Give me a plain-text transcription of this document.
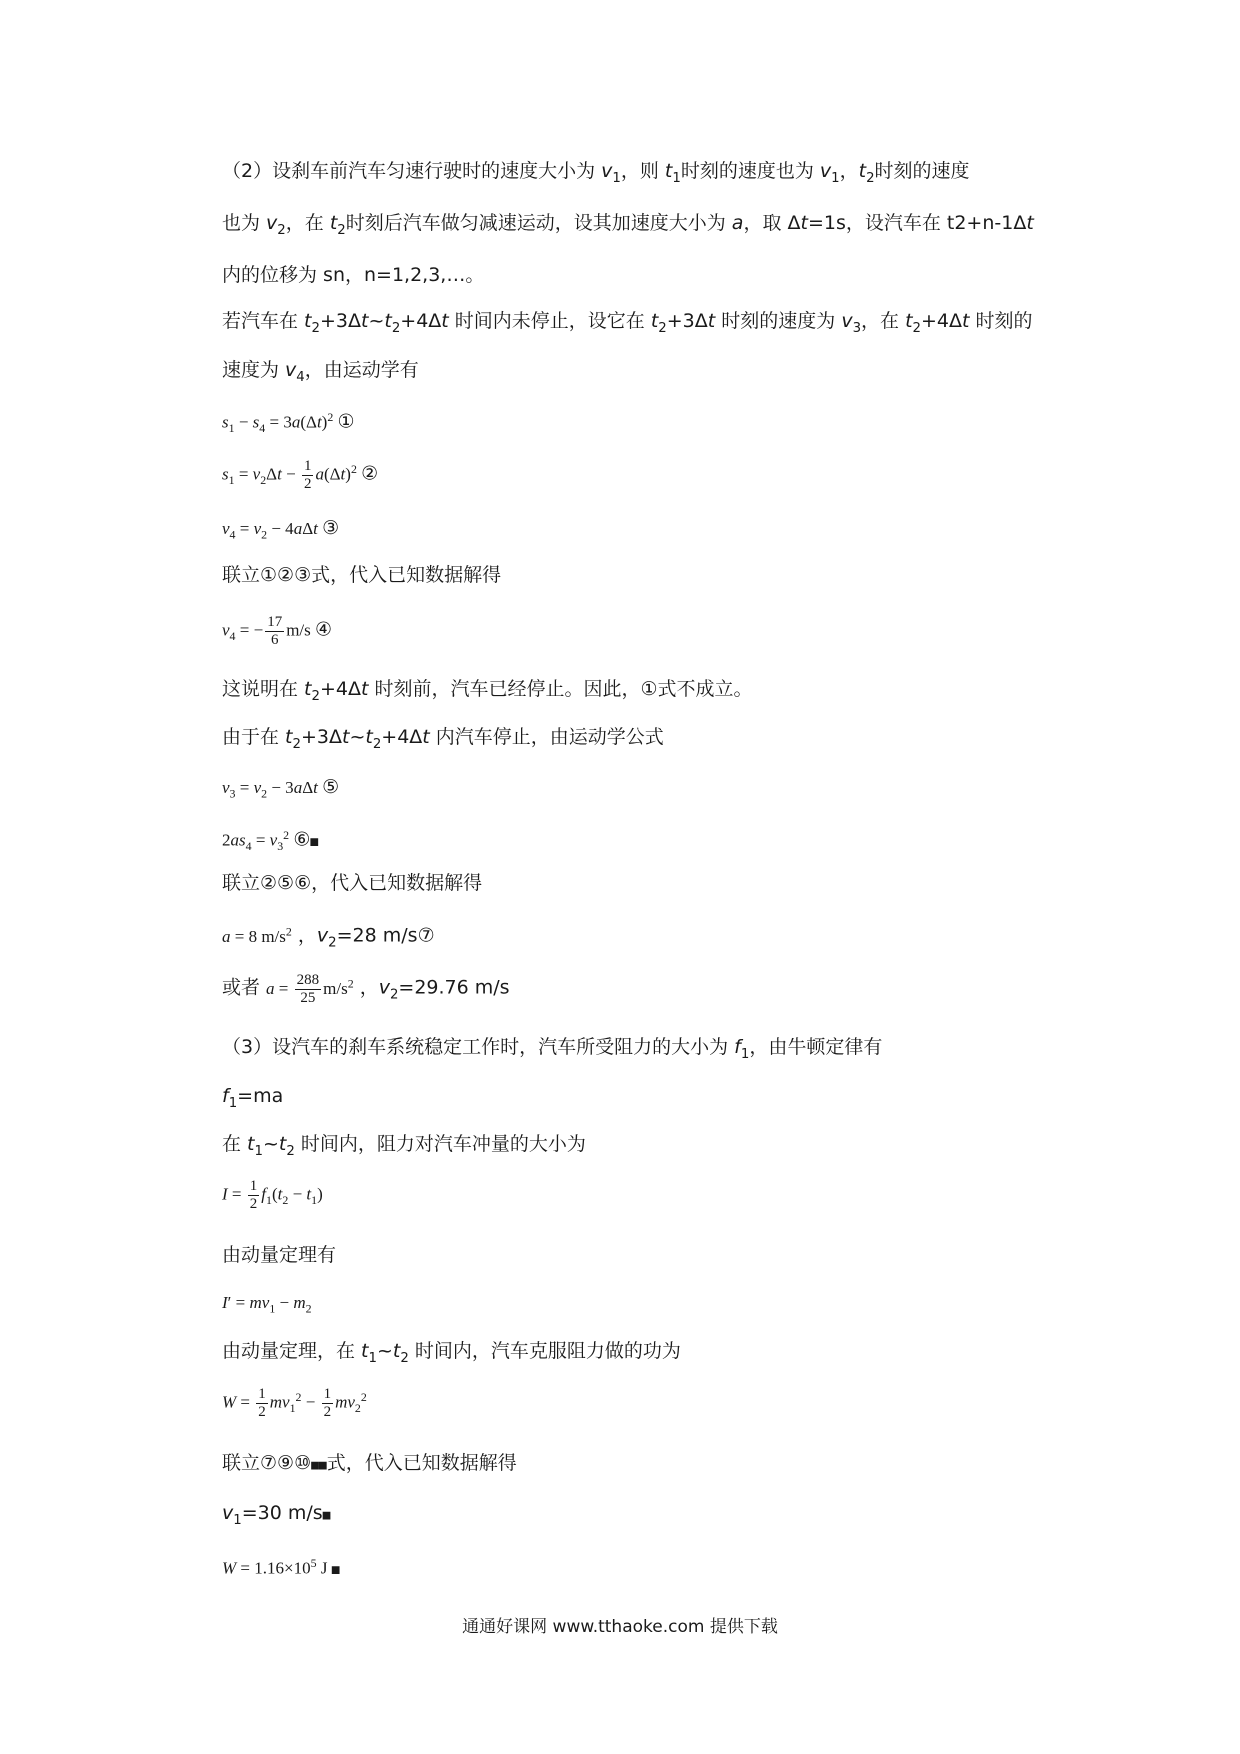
（2）设刹车前汽车匀速行驶时的速度大小为 $v_1$，则 $t_1$时刻的速度也为 $v_1$，$t_2$时刻的速度
也为 $v_2$，在 $t_2$时刻后汽车做匀减速运动，设其加速度大小为 a，取 Δt=1s，设汽车在 t2+n-1Δt
内的位移为 sn，n=1,2,3,…。
若汽车在 $t_2+3\Delta t\sim t_2+4\Delta t$ 时间内未停止，设它在 $t_2+3\Delta t$ 时刻的速度为 $v_3$，在 $t_2+4\Delta t$ 时刻的
速度为 $v_4$，由运动学有
$s_1 - s_4 = 3a(\Delta t)^2$ ①
$s_1 = v_2\Delta t - \frac{1}{2} a(\Delta t)^2$ ②
$v_4 = v_2 - 4a\Delta t$ ③
联立①②③式，代入已知数据解得
$v_4$ = − $\frac{17}{6} m/s$ ④
这说明在 $t_2+4\Delta t$ 时刻前，汽车已经停止。因此，①式不成立。
由于在 $t_2+3\Delta t\sim t_2+4\Delta t$ 内汽车停止，由运动学公式
$v_3 = v_2 - 3a\Delta t$ ⑤
$2as_4 = v_3^2$ ⑥■
联立②⑤⑥，代入已知数据解得
a = 8 $m/s^2$ ，$v_2=28$ m/s⑦
或者 $a = \frac{288}{25} m/s^2$ ，$v_2=29.76$ m/s
（3）设汽车的刹车系统稳定工作时，汽车所受阻力的大小为 $f_1$，由牛顿定律有
$f_1=ma$
在 $t_1\sim t_2$ 时间内，阻力对汽车冲量的大小为
$I = \frac{1}{2} f_1(t_2 - t_1)$
由动量定理有
$I' = mv_1 - m_2$
由动量定理，在 $t_1\sim t_2$ 时间内，汽车克服阻力做的功为
$W = \frac{1}{2} mv_1^2 - \frac{1}{2} mv_2^2$
联立⑦⑨⑩■■式，代入已知数据解得
$v_1=30$ m/s■
$W = 1.16\times 10^5$ J ■
通通好课网 www.tthaoke.com 提供下载
